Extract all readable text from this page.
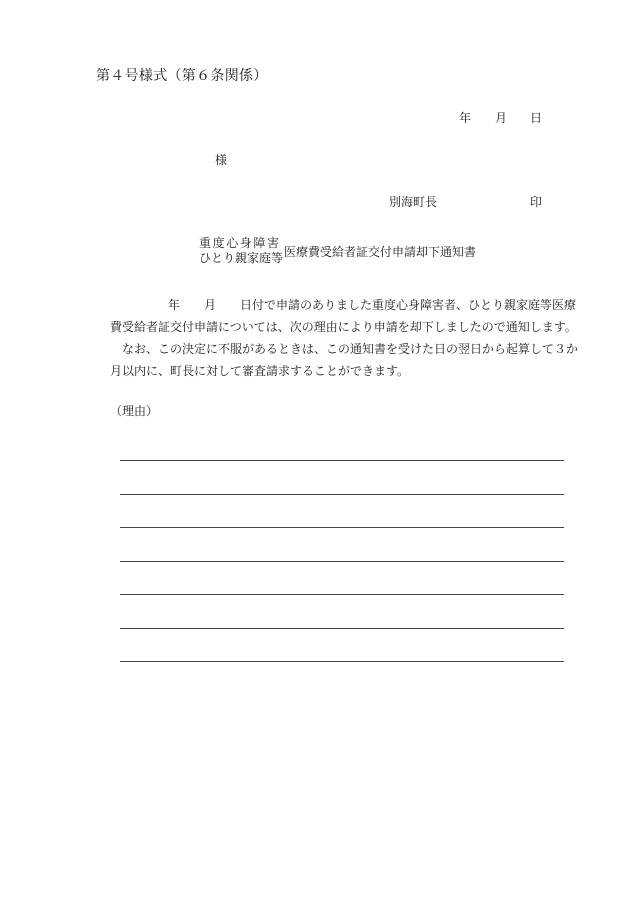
第４号様式（第６条関係）
年 月 日
様
別海町長	印
重度心身障害
ひとり親家庭等 医療費受給者証交付申請却下通知書
年 月 日付で申請のありました重度心身障害者、ひとり親家庭等医療
費受給者証交付申請については、次の理由により申請を却下しましたので通知します。
なお、この決定に不服があるときは、この通知書を受けた日の翌日から起算して３か
月以内に、町長に対して審査請求することができます。
（理由）
